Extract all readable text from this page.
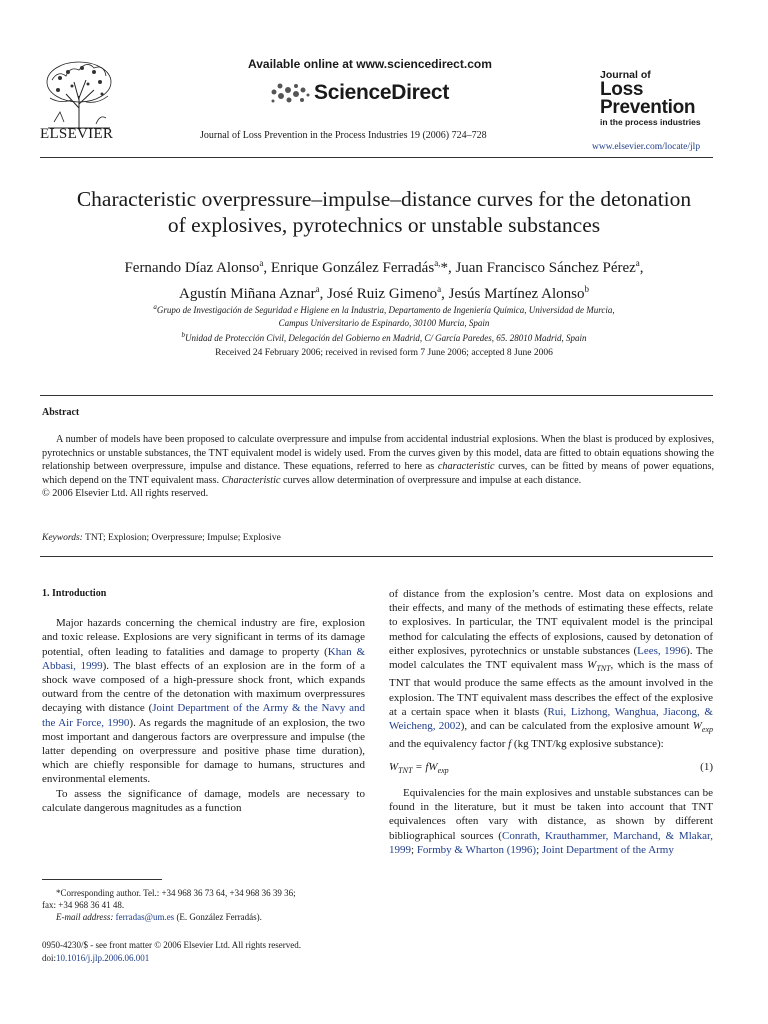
ELSEVIER
Available online at www.sciencedirect.com
ScienceDirect
Journal of Loss Prevention in the Process Industries 19 (2006) 724–728
Journal of
Loss
Prevention
in the process industries
www.elsevier.com/locate/jlp
Characteristic overpressure–impulse–distance curves for the detonation
of explosives, pyrotechnics or unstable substances
Fernando Díaz Alonso$^a$, Enrique González Ferradás$^{a,}$*, Juan Francisco Sánchez Pérez$^a$,
Agustín Miñana Aznar$^a$, José Ruiz Gimeno$^a$, Jesús Martínez Alonso$^b$
$^a$Grupo de Investigación de Seguridad e Higiene en la Industria, Departamento de Ingeniería Química, Universidad de Murcia,
Campus Universitario de Espinardo, 30100 Murcia, Spain
$^b$Unidad de Protección Civil, Delegación del Gobierno en Madrid, C/ García Paredes, 65. 28010 Madrid, Spain
Received 24 February 2006; received in revised form 7 June 2006; accepted 8 June 2006
Abstract

A number of models have been proposed to calculate overpressure and impulse from accidental industrial explosions. When the blast is produced by explosives, pyrotechnics or unstable substances, the TNT equivalent model is widely used. From the curves given by this model, data are fitted to obtain equations showing the relationship between overpressure, impulse and distance. These equations, referred to here as characteristic curves, can be fitted by means of power equations, which depend on the TNT equivalent mass. Characteristic curves allow determination of overpressure and impulse at each distance.

© 2006 Elsevier Ltd. All rights reserved.

Keywords: TNT; Explosion; Overpressure; Impulse; Explosive
1. Introduction

Major hazards concerning the chemical industry are fire, explosion and toxic release. Explosions are very significant in terms of its damage potential, often leading to fatalities and damage to property (Khan & Abbasi, 1999). The blast effects of an explosion are in the form of a shock wave composed of a high-pressure shock front, which expands outward from the centre of the detonation with maximum overpressures decaying with distance (Joint Department of the Army & the Navy and the Air Force, 1990). As regards the magnitude of an explosion, the two most important and dangerous factors are overpressure and impulse (the latter depending on overpressure and positive phase time duration), which are chiefly responsible for damage to humans, structures and environmental elements.

To assess the significance of damage, models are necessary to calculate dangerous magnitudes as a function

*Corresponding author. Tel.: +34 968 36 73 64, +34 968 36 39 36;
fax: +34 968 36 41 48.
E-mail address: ferradas@um.es (E. González Ferradás).
0950-4230/$ - see front matter © 2006 Elsevier Ltd. All rights reserved.
doi:10.1016/j.jlp.2006.06.001

of distance from the explosion’s centre. Most data on explosions and their effects, and many of the methods of estimating these effects, relate to explosives. In particular, the TNT equivalent model is the principal method for calculating the effects of explosions, caused by detonation of either explosives, pyrotechnics or unstable substances (Lees, 1996). The model calculates the TNT equivalent mass $W_{TNT}$, which is the mass of TNT that would produce the same effects as the amount involved in the explosion. The TNT equivalent mass describes the effect of the explosive at a certain space when it blasts (Rui, Lizhong, Wanghua, Jiacong, & Weicheng, 2002), and can be calculated from the explosive amount $W_{exp}$ and the equivalency factor f (kg TNT/kg explosive substance):

$W_{TNT} = fW_{exp}$	(1)

Equivalencies for the main explosives and unstable substances can be found in the literature, but it must be taken into account that TNT equivalences often vary with distance, as shown by different bibliographical sources (Conrath, Krauthammer, Marchand, & Mlakar, 1999; Formby & Wharton (1996); Joint Department of the Army
